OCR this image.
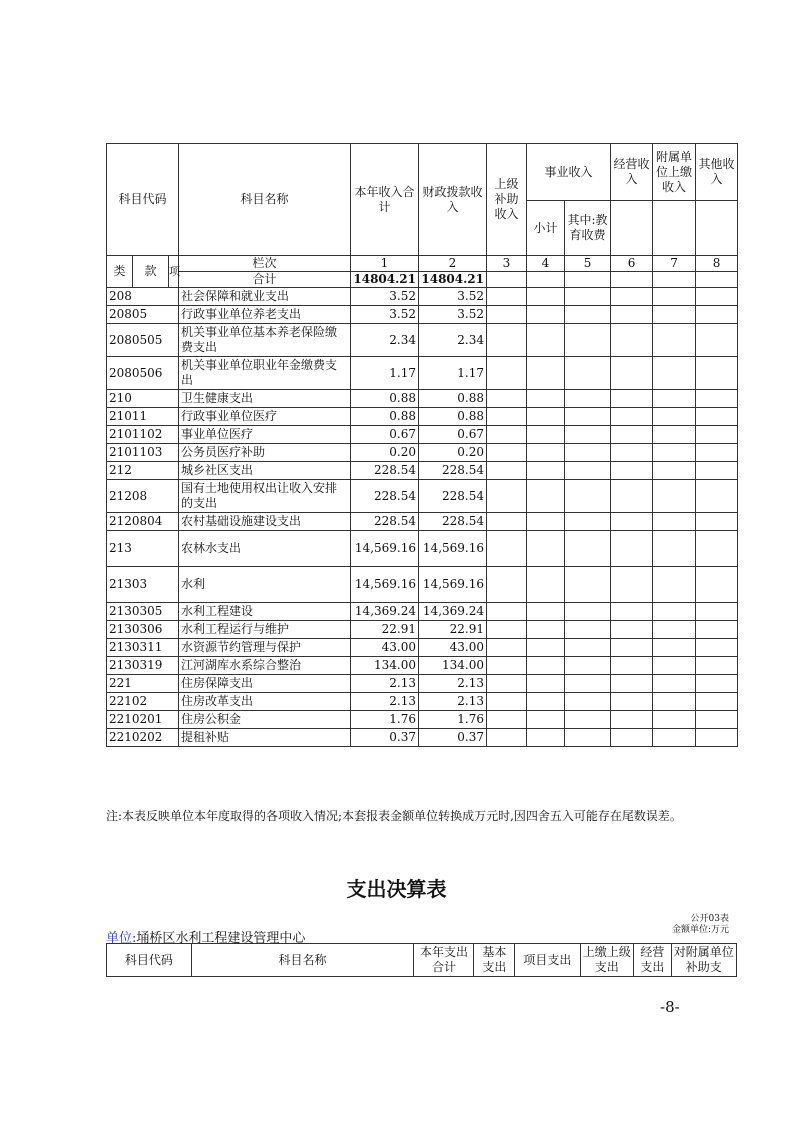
科目代码			科目名称	本年收入合计	财政拨款收入	上级补助收入	事业收入		经营收入	附属单位上缴收入	其他收入
							小计	其中:教育收费			
类	款	项	栏次	1	2	3	4	5	6	7	8
			合计	14804.21	14804.21						
208			社会保障和就业支出	3.52	3.52						
20805			行政事业单位养老支出	3.52	3.52						
2080505			机关事业单位基本养老保险缴费支出	2.34	2.34						
2080506			机关事业单位职业年金缴费支出	1.17	1.17						
210			卫生健康支出	0.88	0.88						
21011			行政事业单位医疗	0.88	0.88						
2101102			事业单位医疗	0.67	0.67						
2101103			公务员医疗补助	0.20	0.20						
212			城乡社区支出	228.54	228.54						
21208			国有土地使用权出让收入安排的支出	228.54	228.54						
2120804			农村基础设施建设支出	228.54	228.54						
213			农林水支出	14,569.16	14,569.16						
21303			水利	14,569.16	14,569.16						
2130305			水利工程建设	14,369.24	14,369.24						
2130306			水利工程运行与维护	22.91	22.91						
2130311			水资源节约管理与保护	43.00	43.00						
2130319			江河湖库水系综合整治	134.00	134.00						
221			住房保障支出	2.13	2.13						
22102			住房改革支出	2.13	2.13						
2210201			住房公积金	1.76	1.76						
2210202			提租补贴	0.37	0.37						
注:本表反映单位本年度取得的各项收入情况;本套报表金额单位转换成万元时,因四舍五入可能存在尾数误差。
支出决算表
单位:埇桥区水利工程建设管理中心
公开03表
金额单位:万元
科目代码	科目名称	本年支出合计	基本支出	项目支出	上缴上级支出	经营支出	对附属单位补助支
-8-
